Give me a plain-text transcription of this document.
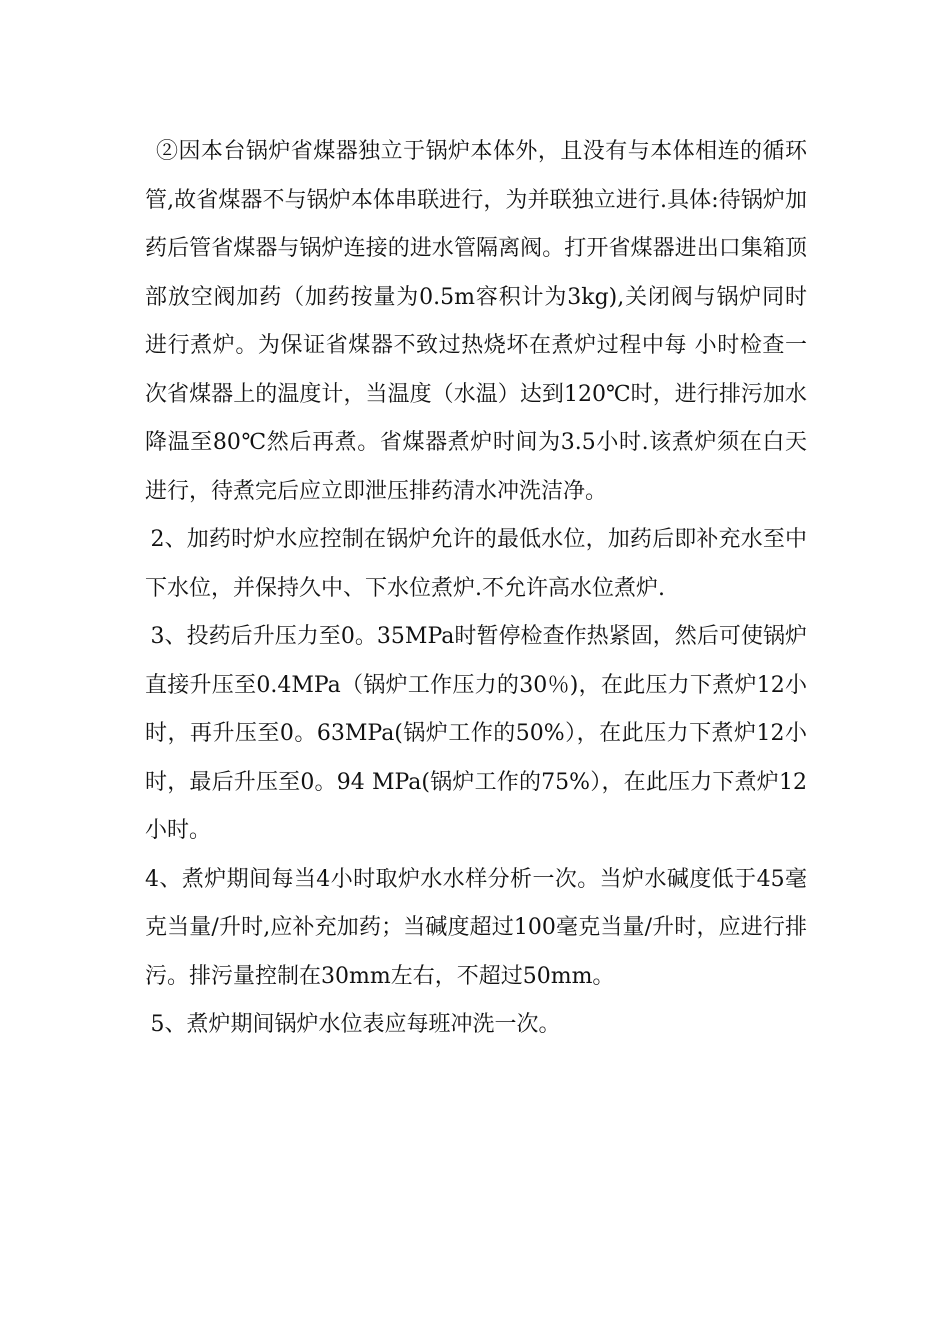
②因本台锅炉省煤器独立于锅炉本体外，且没有与本体相连的循环管,故省煤器不与锅炉本体串联进行，为并联独立进行.具体:待锅炉加药后管省煤器与锅炉连接的进水管隔离阀。打开省煤器进出口集箱顶部放空阀加药（加药按量为0.5m容积计为3kg),关闭阀与锅炉同时进行煮炉。为保证省煤器不致过热烧坏在煮炉过程中每 小时检查一次省煤器上的温度计，当温度（水温）达到120℃时，进行排污加水降温至80℃然后再煮。省煤器煮炉时间为3.5小时.该煮炉须在白天进行，待煮完后应立即泄压排药清水冲洗洁净。

2、加药时炉水应控制在锅炉允许的最低水位，加药后即补充水至中下水位，并保持久中、下水位煮炉.不允许高水位煮炉.

3、投药后升压力至0。35MPa时暂停检查作热紧固，然后可使锅炉直接升压至0.4MPa（锅炉工作压力的30％)，在此压力下煮炉12小时，再升压至0。63MPa(锅炉工作的50%），在此压力下煮炉12小时，最后升压至0。94 MPa(锅炉工作的75%），在此压力下煮炉12小时。

4、煮炉期间每当4小时取炉水水样分析一次。当炉水碱度低于45毫克当量/升时,应补充加药；当碱度超过100毫克当量/升时，应进行排污。排污量控制在30mm左右，不超过50mm。

5、煮炉期间锅炉水位表应每班冲洗一次。
